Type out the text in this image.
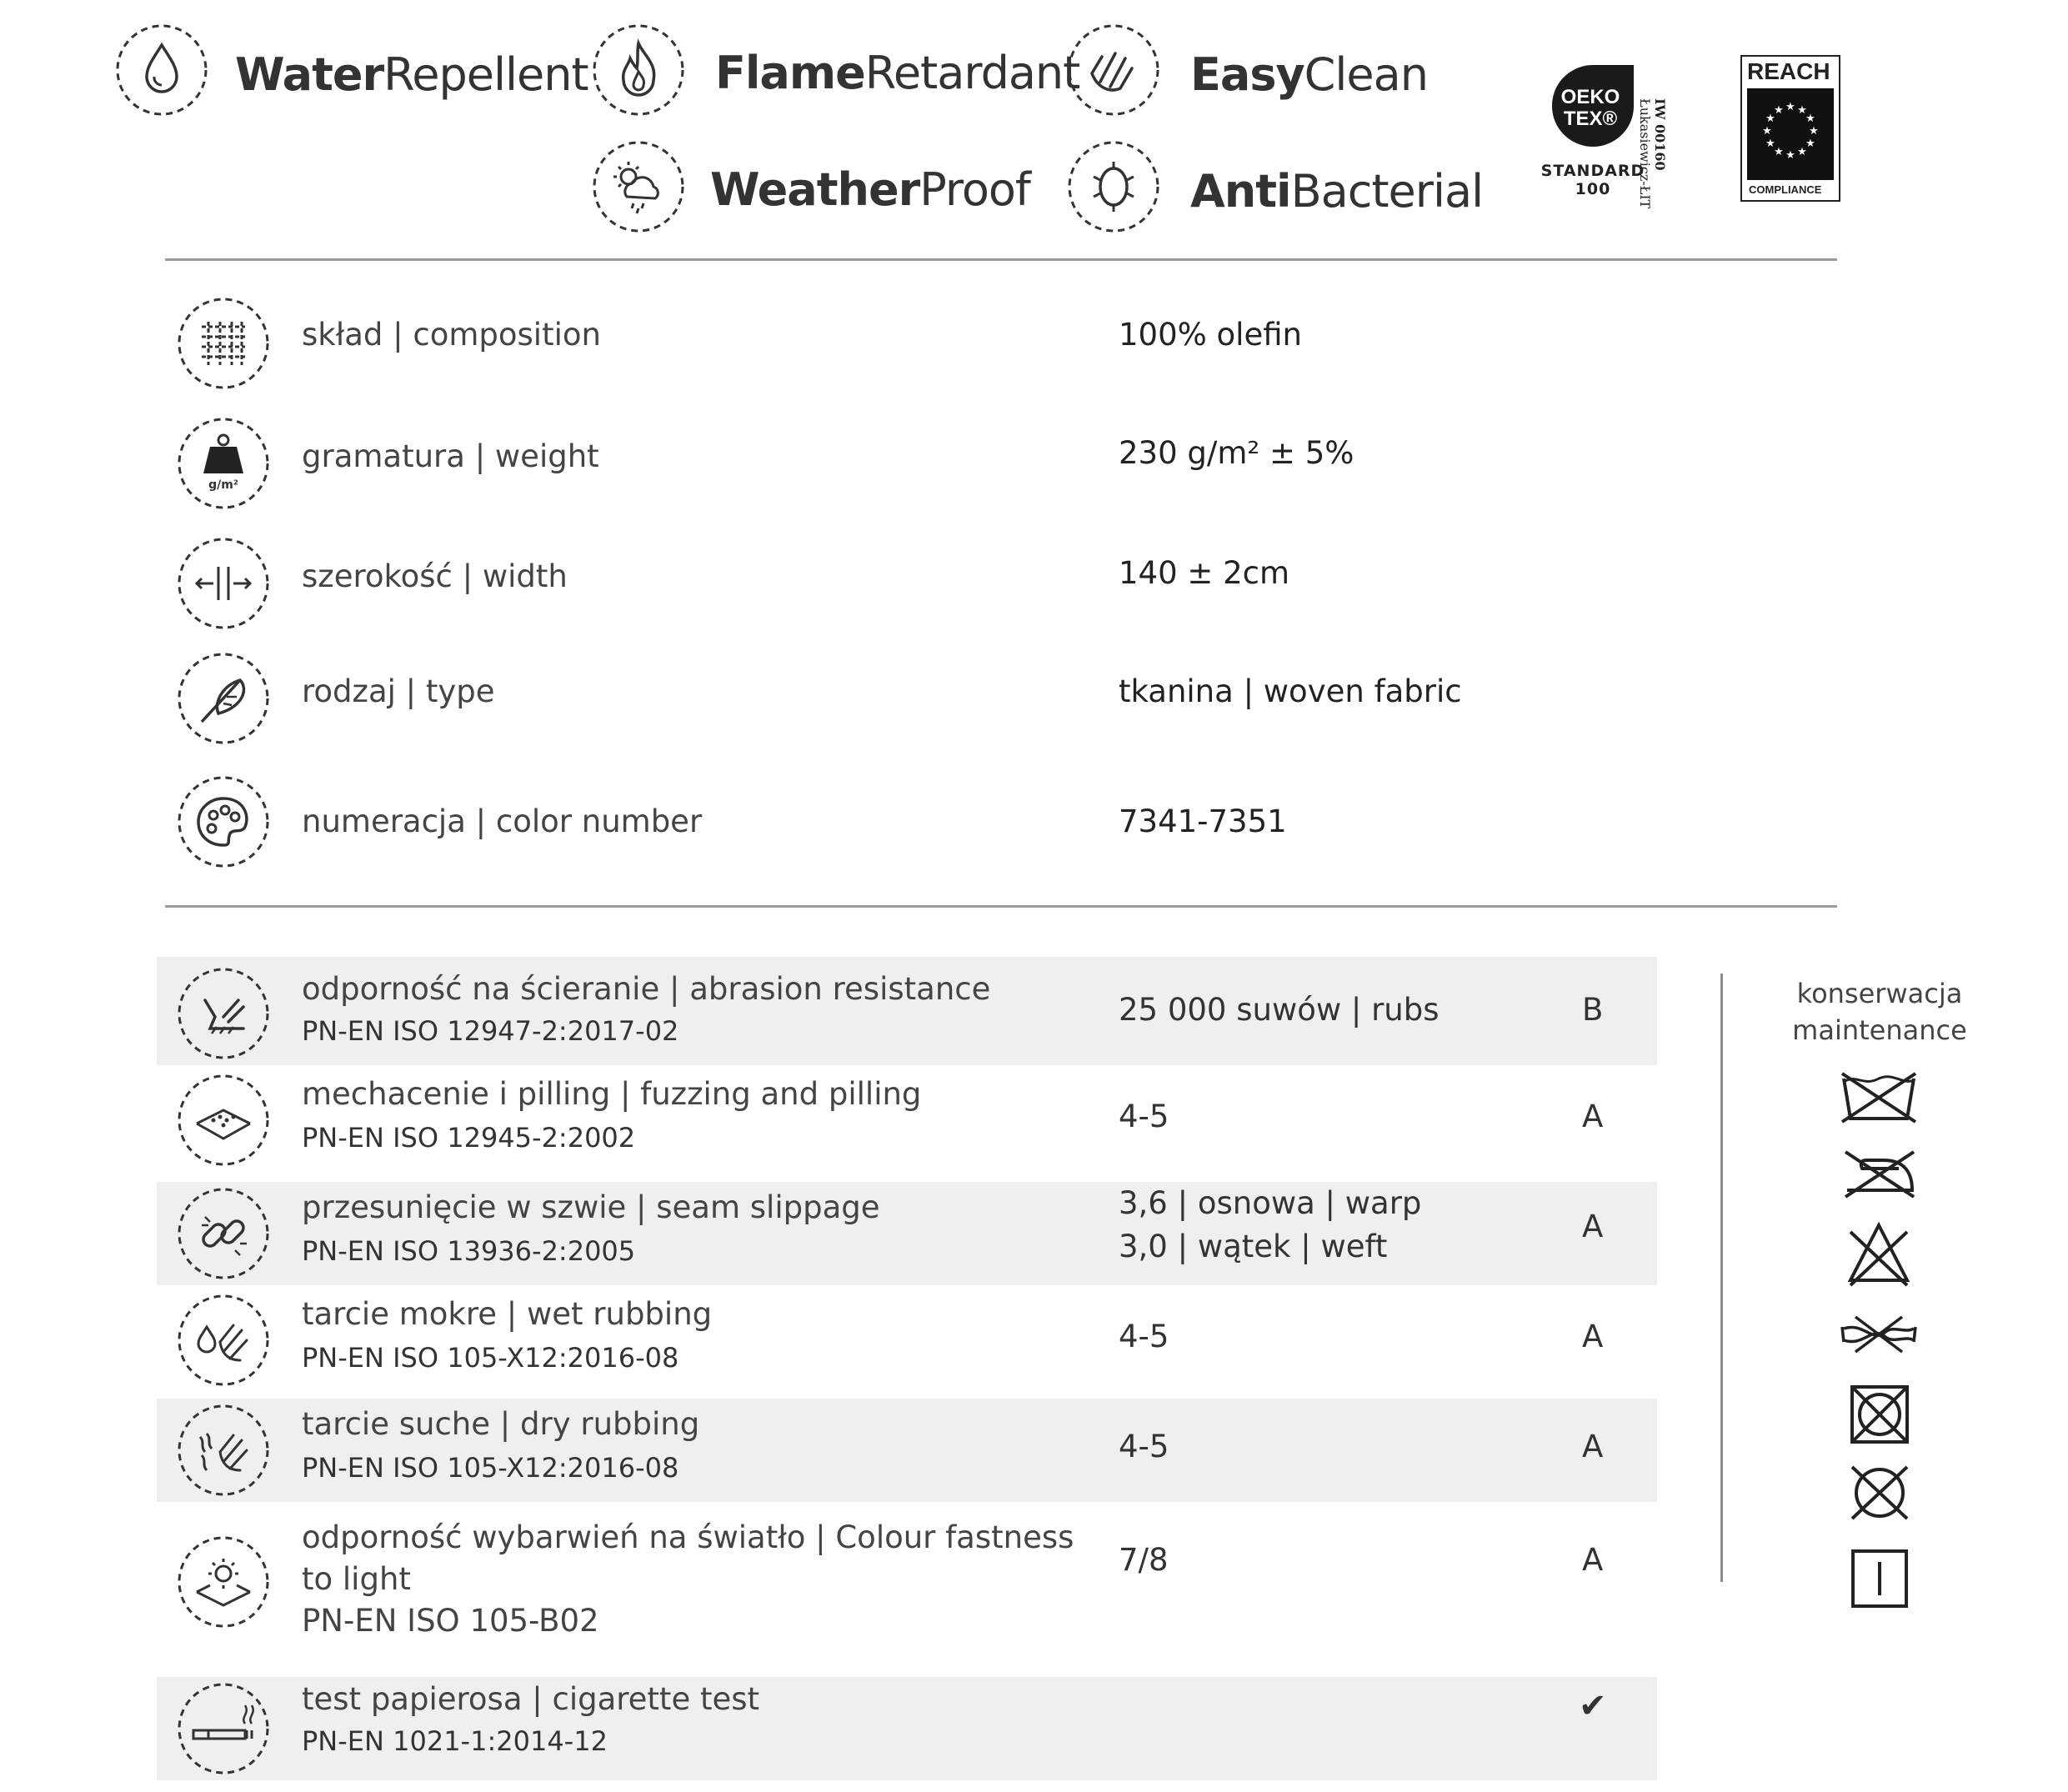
WaterRepellent	FlameRetardant EasyClean
WeatherProof	AntiBacterial
OEKO
TEX®
STANDARD
100
IW 00160
Łukasiewicz-ŁIT
REACH
★ ★
★
★
★
★
★
★
★
★
★
★
COMPLIANCE
skład | composition	100% olefin
g/m²
gramatura | weight	230 g/m² ± 5%
szerokość | width	140 ± 2cm
rodzaj | type	tkanina | woven fabric
numeracja | color number	7341-7351
odporność na ścieranie | abrasion resistance
PN-EN ISO 12947-2:2017-02
25 000 suwów | rubs	B
mechacenie i pilling | fuzzing and pilling
PN-EN ISO 12945-2:2002
4-5	A
przesunięcie w szwie | seam slippage
PN-EN ISO 13936-2:2005
3,6 | osnowa | warp
3,0 | wątek | weft
A
tarcie mokre | wet rubbing
PN-EN ISO 105-X12:2016-08
4-5	A
tarcie suche | dry rubbing
PN-EN ISO 105-X12:2016-08
4-5	A
odporność wybarwień na światło | Colour fastness
to light
PN-EN ISO 105-B02
7/8	A
test papierosa | cigarette test
PN-EN 1021-1:2014-12
✔
konserwacja
maintenance
